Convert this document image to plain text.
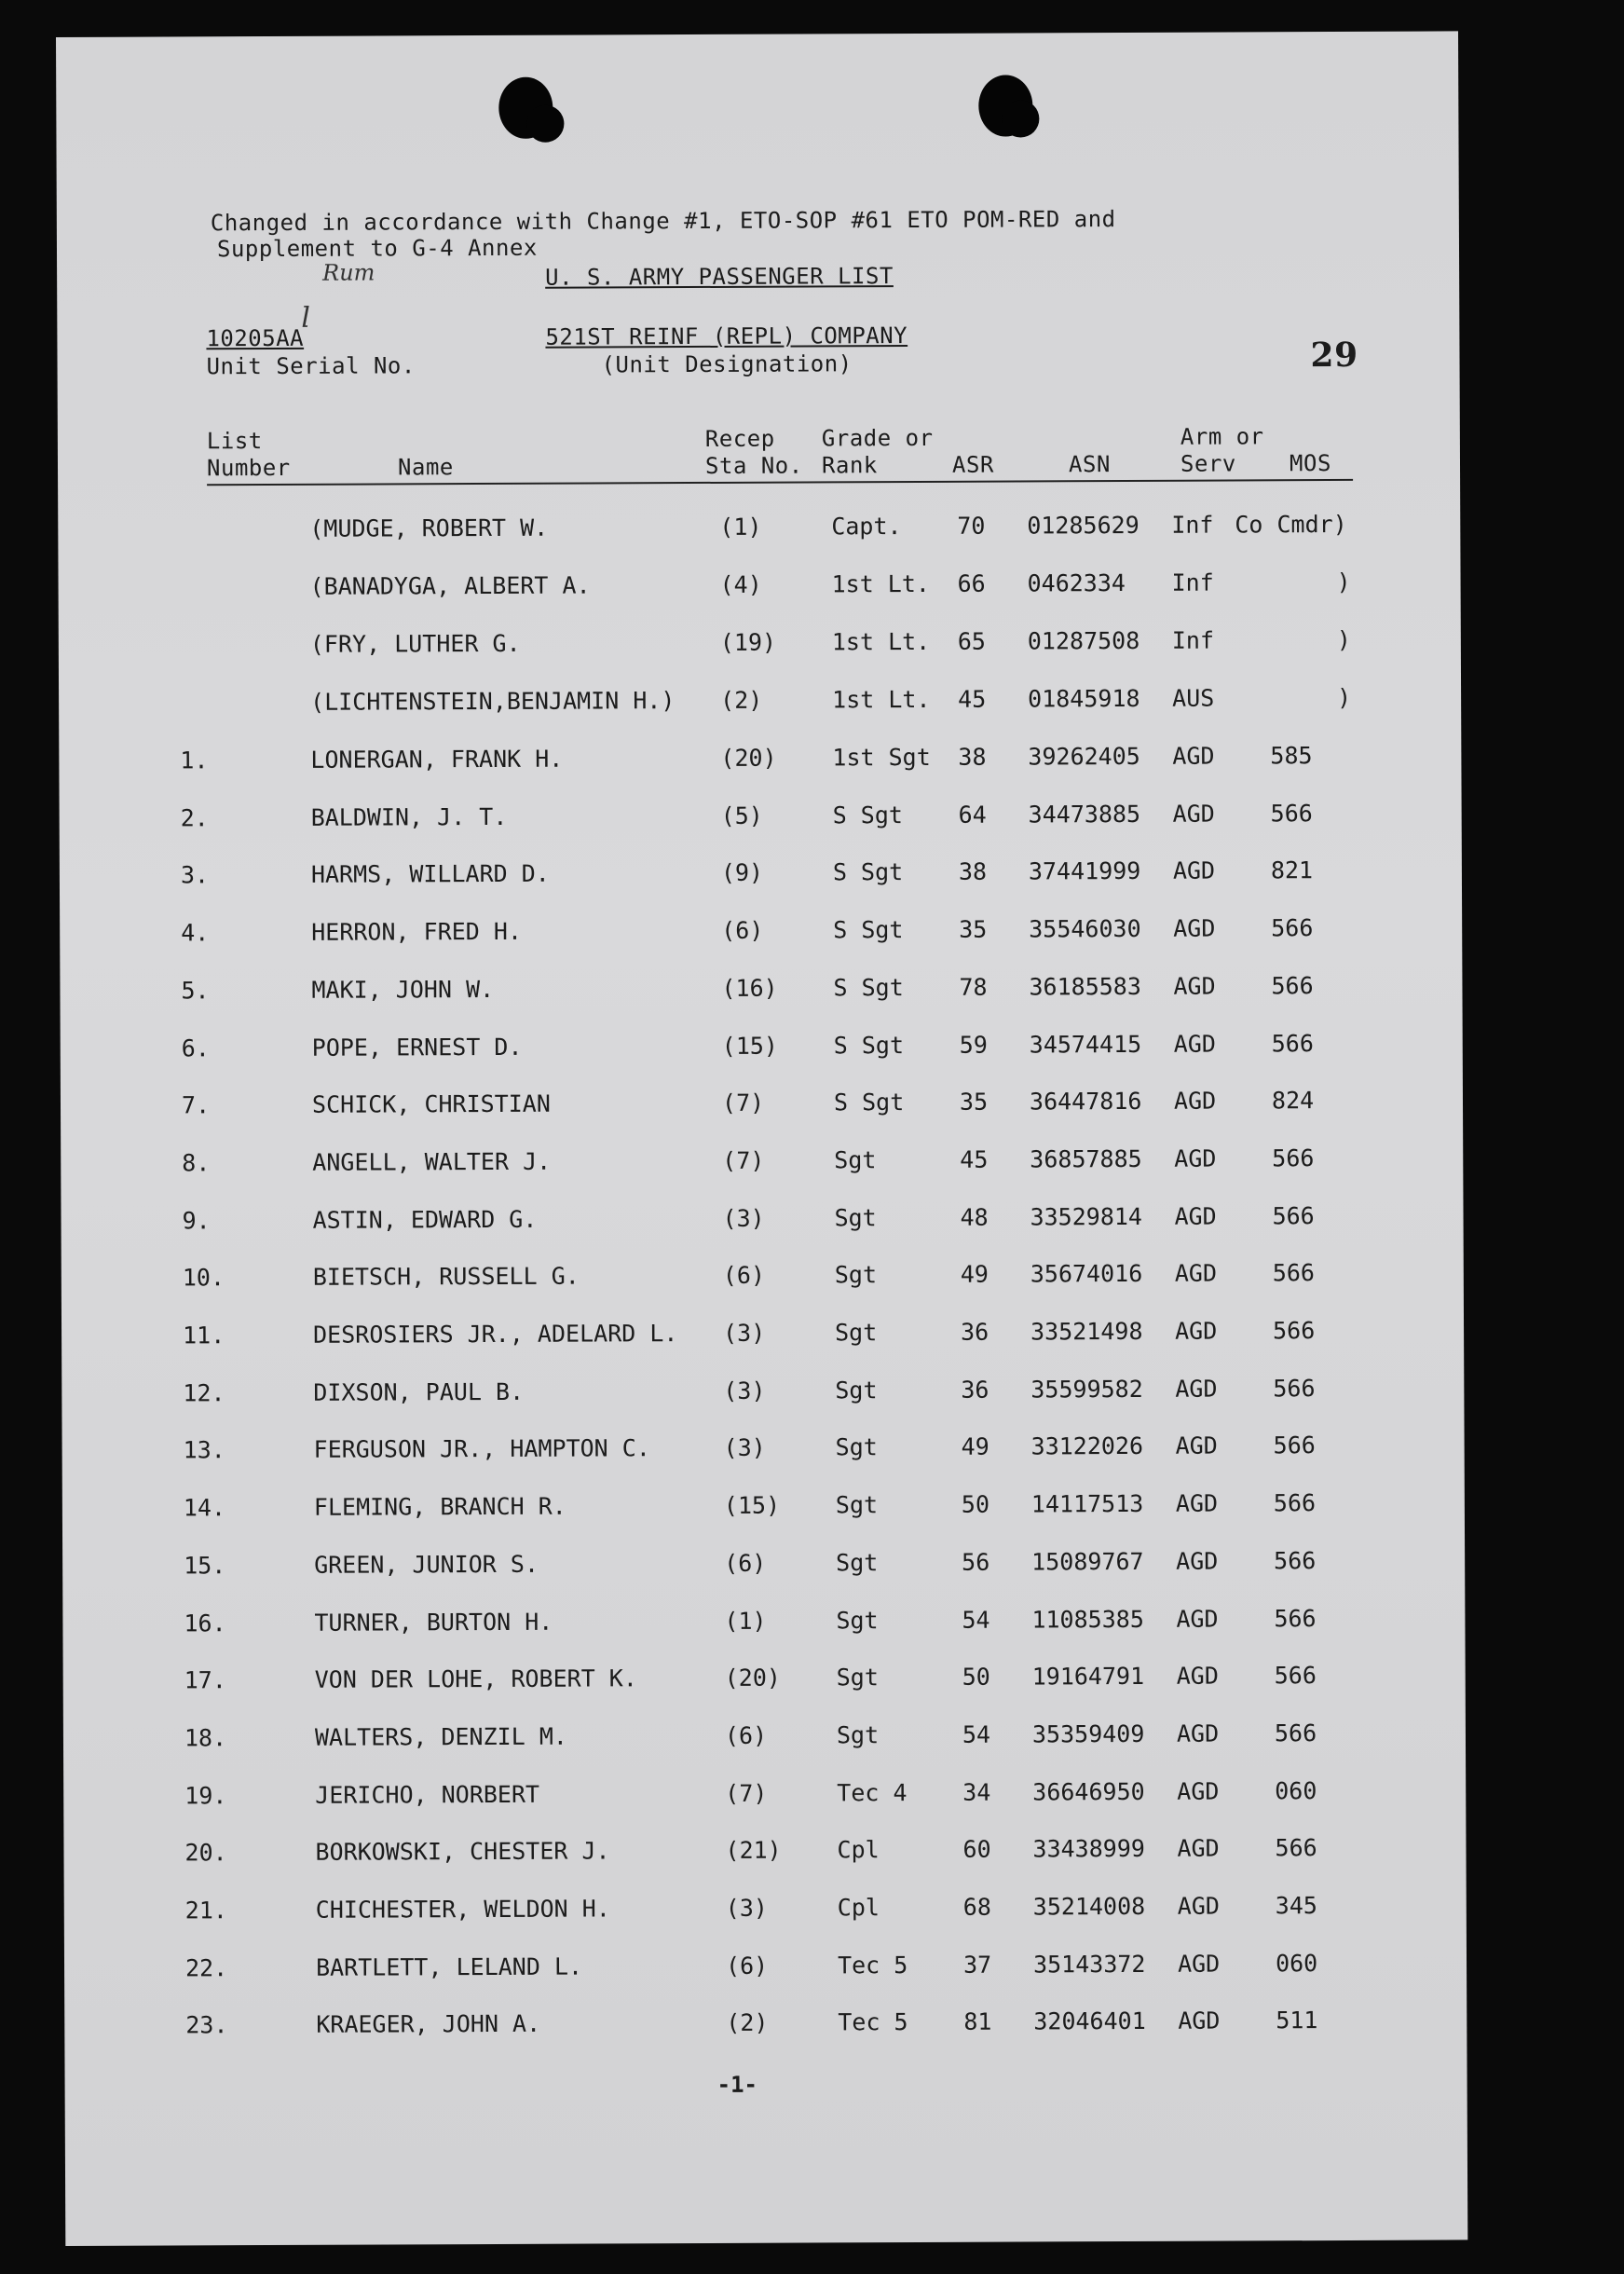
Changed in accordance with Change #1, ETO-SOP #61 ETO POM-RED and
Supplement to G-4 Annex
Rum	U. S. ARMY PASSENGER LIST
10205AA
l
Unit Serial No.
521ST REINF (REPL) COMPANY
(Unit Designation)	29
List
Number	Name
Recep
Sta No.
Grade or
Rank	ASR	ASN
Arm or
Serv MOS
(MUDGE, ROBERT W.	(1)	Capt. 70 01285629 Inf Co Cmdr)
(BANADYGA, ALBERT A.	(4)	1st Lt. 66 0462334 Inf	)
(FRY, LUTHER G.	(19) 1st Lt. 65 01287508 Inf	)
(LICHTENSTEIN,BENJAMIN H.) (2)	1st Lt. 45 01845918 AUS	)
1.	LONERGAN, FRANK H.	(20) 1st Sgt 38 39262405 AGD 585
2.	BALDWIN, J. T.	(5)	S Sgt 64 34473885 AGD 566
3.	HARMS, WILLARD D.	(9)	S Sgt 38 37441999 AGD 821
4.	HERRON, FRED H.	(6)	S Sgt 35 35546030 AGD 566
5.	MAKI, JOHN W.	(16) S Sgt 78 36185583 AGD 566
6.	POPE, ERNEST D.	(15) S Sgt 59 34574415 AGD 566
7.	SCHICK, CHRISTIAN	(7)	S Sgt 35 36447816 AGD 824
8.	ANGELL, WALTER J.	(7)	Sgt	45 36857885 AGD 566
9.	ASTIN, EDWARD G.	(3)	Sgt	48 33529814 AGD 566
10.	BIETSCH, RUSSELL G.	(6)	Sgt	49 35674016 AGD 566
11.	DESROSIERS JR., ADELARD L. (3)	Sgt	36 33521498 AGD 566
12.	DIXSON, PAUL B.	(3)	Sgt	36 35599582 AGD 566
13.	FERGUSON JR., HAMPTON C.	(3)	Sgt	49 33122026 AGD 566
14.	FLEMING, BRANCH R.	(15) Sgt	50 14117513 AGD 566
15.	GREEN, JUNIOR S.	(6)	Sgt	56 15089767 AGD 566
16.	TURNER, BURTON H.	(1)	Sgt	54 11085385 AGD 566
17.	VON DER LOHE, ROBERT K.	(20) Sgt	50 19164791 AGD 566
18.	WALTERS, DENZIL M.	(6)	Sgt	54 35359409 AGD 566
19.	JERICHO, NORBERT	(7)	Tec 4 34 36646950 AGD 060
20.	BORKOWSKI, CHESTER J.	(21) Cpl	60 33438999 AGD 566
21.	CHICHESTER, WELDON H.	(3)	Cpl	68 35214008 AGD 345
22.	BARTLETT, LELAND L.	(6)	Tec 5 37 35143372 AGD 060
23.	KRAEGER, JOHN A.	(2)	Tec 5 81 32046401 AGD 511
-1-
